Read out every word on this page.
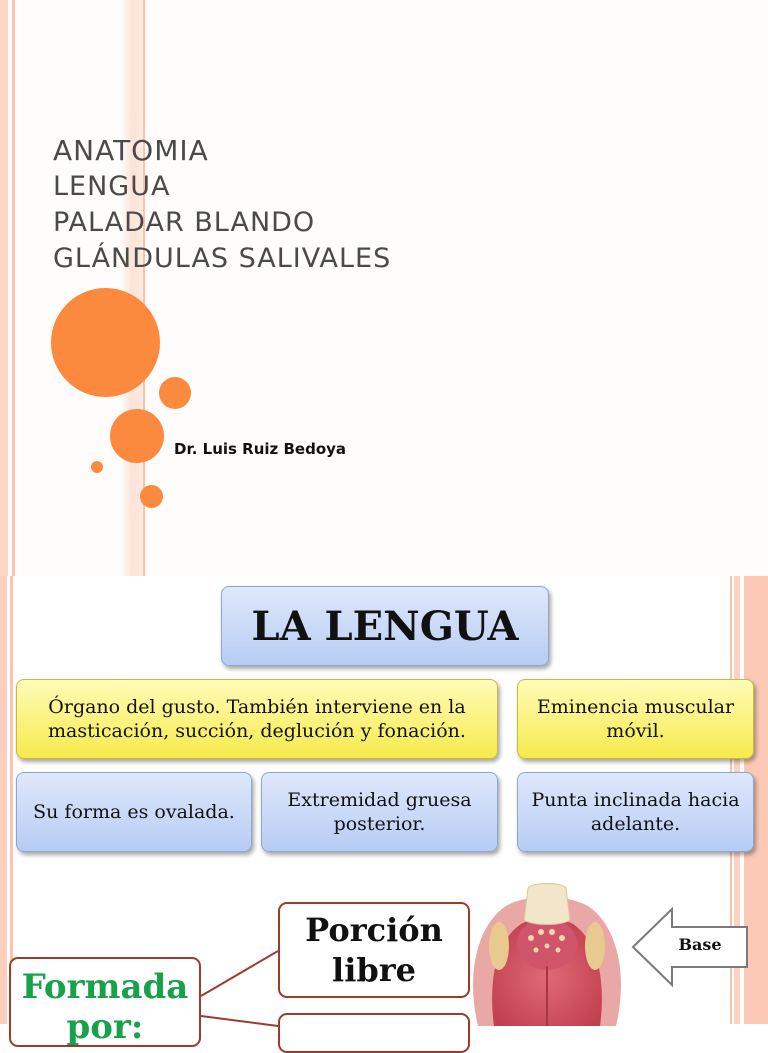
ANATOMIA
LENGUA
PALADAR BLANDO
GLÁNDULAS SALIVALES
Dr. Luis Ruiz Bedoya
LA LENGUA
Órgano del gusto. También interviene en la masticación, succión, deglución y fonación.
Eminencia muscular móvil.
Su forma es ovalada.
Extremidad gruesa posterior.
Punta inclinada hacia adelante.
Formada por:
Porción libre
Base
